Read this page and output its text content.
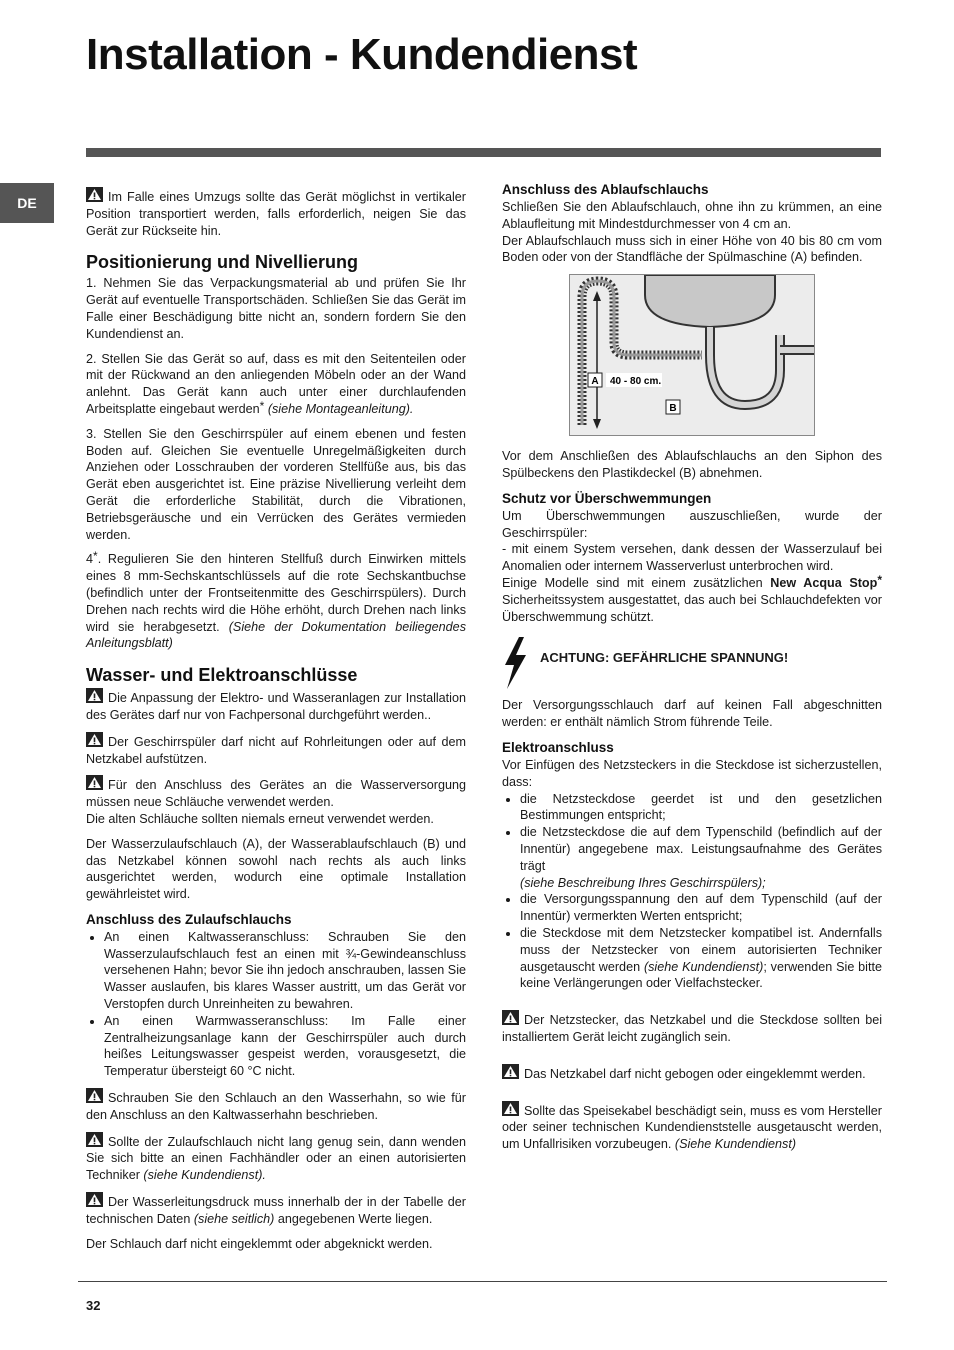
Installation - Kundendienst
DE	Im Falle eines Umzugs sollte das Gerät möglichst in vertikaler Position transportiert werden, falls erforderlich, neigen Sie das Gerät zur Rückseite hin.

Positionierung und Nivellierung

1. Nehmen Sie das Verpackungsmaterial ab und prüfen Sie Ihr Gerät auf eventuelle Transportschäden. Schließen Sie das Gerät im Falle einer Beschädigung bitte nicht an, sondern fordern Sie den Kundendienst an.

2. Stellen Sie das Gerät so auf, dass es mit den Seitenteilen oder mit der Rückwand an den anliegenden Möbeln oder an der Wand anlehnt. Das Gerät kann auch unter einer durchlaufenden Arbeitsplatte eingebaut werden* (siehe Montageanleitung).

3. Stellen Sie den Geschirrspüler auf einem ebenen und festen Boden auf. Gleichen Sie eventuelle Unregelmäßigkeiten durch Anziehen oder Losschrauben der vorderen Stellfüße aus, bis das Gerät eben ausgerichtet ist. Eine präzise Nivellierung verleiht dem Gerät die erforderliche Stabilität, durch die Vibrationen, Betriebsgeräusche und ein Verrücken des Gerätes vermieden werden.

4*. Regulieren Sie den hinteren Stellfuß durch Einwirken mittels eines 8 mm-Sechskantschlüssels auf die rote Sechskantbuchse (befindlich unter der Frontseitenmitte des Geschirrspülers). Durch Drehen nach rechts wird die Höhe erhöht, durch Drehen nach links wird sie herabgesetzt. (Siehe der Dokumentation beiliegendes Anleitungsblatt)

Wasser- und Elektroanschlüsse

Die Anpassung der Elektro- und Wasseranlagen zur Installation des Gerätes darf nur von Fachpersonal durchgeführt werden..

Der Geschirrspüler darf nicht auf Rohrleitungen oder auf dem Netzkabel aufstützen.

Für den Anschluss des Gerätes an die Wasserversorgung müssen neue Schläuche verwendet werden.

Die alten Schläuche sollten niemals erneut verwendet werden.

Der Wasserzulaufschlauch (A), der Wasserablaufschlauch (B) und das Netzkabel können sowohl nach rechts als auch links ausgerichtet werden, wodurch eine optimale Installation gewährleistet wird.

Anschluss des Zulaufschlauchs
• An einen Kaltwasseranschluss: Schrauben Sie den Wasserzulaufschlauch fest an einen mit ¾-Gewindeanschluss versehenen Hahn; bevor Sie ihn jedoch anschrauben, lassen Sie Wasser auslaufen, bis klares Wasser austritt, um das Gerät vor Verstopfen durch Unreinheiten zu bewahren.
• An einen Warmwasseranschluss: Im Falle einer Zentralheizungsanlage kann der Geschirrspüler auch durch heißes Leitungswasser gespeist werden, vorausgesetzt, die Temperatur übersteigt 60 °C nicht.

Schrauben Sie den Schlauch an den Wasserhahn, so wie für den Anschluss an den Kaltwasserhahn beschrieben.

Sollte der Zulaufschlauch nicht lang genug sein, dann wenden Sie sich bitte an einen Fachhändler oder an einen autorisierten Techniker (siehe Kundendienst).

Der Wasserleitungsdruck muss innerhalb der in der Tabelle der technischen Daten (siehe seitlich) angegebenen Werte liegen.

Der Schlauch darf nicht eingeklemmt oder abgeknickt werden.

Anschluss des Ablaufschlauchs

Schließen Sie den Ablaufschlauch, ohne ihn zu krümmen, an eine Ablaufleitung mit Mindestdurchmesser von 4 cm an.

Der Ablaufschlauch muss sich in einer Höhe von 40 bis 80 cm vom Boden oder von der Standfläche der Spülmaschine (A) befinden.

A 40 - 80 cm.
B

Vor dem Anschließen des Ablaufschlauchs an den Siphon des Spülbeckens den Plastikdeckel (B) abnehmen.

Schutz vor Überschwemmungen

Um Überschwemmungen auszuschließen, wurde der Geschirrspüler:

- mit einem System versehen, dank dessen der Wasserzulauf bei Anomalien oder internem Wasserverlust unterbrochen wird.

Einige Modelle sind mit einem zusätzlichen New Acqua Stop* Sicherheitssystem ausgestattet, das auch bei Schlauchdefekten vor Überschwemmung schützt.

ACHTUNG: GEFÄHRLICHE SPANNUNG!

Der Versorgungsschlauch darf auf keinen Fall abgeschnitten werden: er enthält nämlich Strom führende Teile.

Elektroanschluss

Vor Einfügen des Netzsteckers in die Steckdose ist sicherzustellen, dass:

• die Netzsteckdose geerdet ist und den gesetzlichen Bestimmungen entspricht;
• die Netzsteckdose die auf dem Typenschild (befindlich auf der Innentür) angegebene max. Leistungsaufnahme des Gerätes trägt
(siehe Beschreibung Ihres Geschirrspülers);
• die Versorgungsspannung den auf dem Typenschild (auf der Innentür) vermerkten Werten entspricht;
• die Steckdose mit dem Netzstecker kompatibel ist. Andernfalls muss der Netzstecker von einem autorisierten Techniker ausgetauscht werden (siehe Kundendienst); verwenden Sie bitte keine Verlängerungen oder Vielfachstecker.

Der Netzstecker, das Netzkabel und die Steckdose sollten bei installiertem Gerät leicht zugänglich sein.

Das Netzkabel darf nicht gebogen oder eingeklemmt werden.

Sollte das Speisekabel beschädigt sein, muss es vom Hersteller oder seiner technischen Kundendienststelle ausgetauscht werden, um Unfallrisiken vorzubeugen. (Siehe Kundendienst)

32
